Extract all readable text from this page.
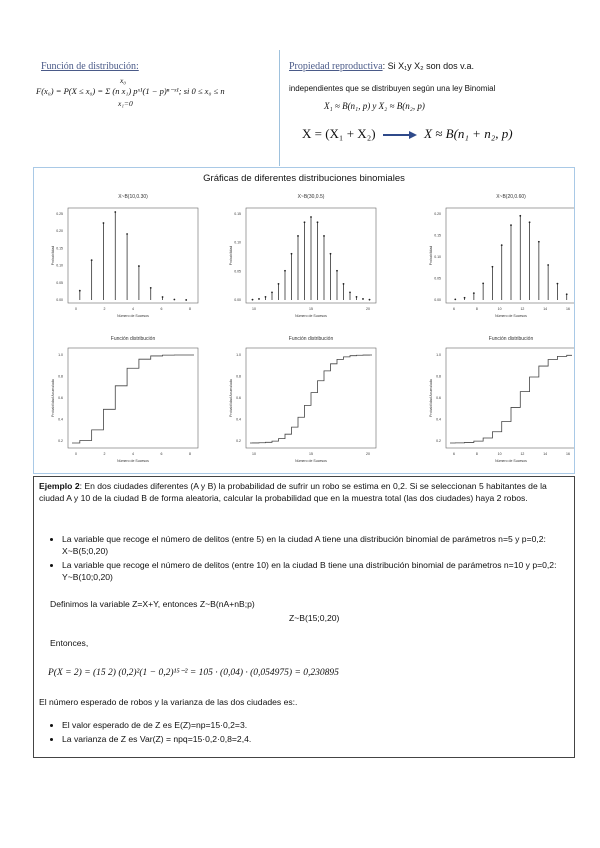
Función de distribución:
F(x₀) = P(X ≤ x₀) = Σ (n x₁) pˣ¹(1 − p)ⁿ⁻ˣ¹; si 0 ≤ x₀ ≤ n
x₀
x₁=0
Propiedad reproductiva: Si X₁y X₂ son dos v.a.
independientes que se distribuyen según una ley Binomial
X₁ ≈ B(n₁, p) y X₂ ≈ B(n₂, p)
X = (X₁ + X₂)	X ≈ B(n₁ + n₂, p)
Gráficas de diferentes distribuciones binomiales
X~B(10,0.30)
0.25
0.20
0.15
0.10
0.05
0.00
0	2	4	6	8
Número de Sucesos
Probabilidad
Función distribución
1.0
0.8
0.6
0.4
0.2
0	2	4	6	8
Número de Sucesos
Probabilidad Acumulada
X~B(30,0.5)
0.15
0.10
0.05
0.00
10	15	20
Número de Sucesos
Probabilidad
Función distribución
1.0
0.8
0.6
0.4
0.2
10	15	20
Número de Sucesos
Probabilidad Acumulada
X~B(20,0.60)
0.20
0.15
0.10
0.05
0.00
6	8	10	12	14	16
Número de Sucesos
Probabilidad
Función distribución
1.0
0.8
0.6
0.4
0.2
6	8	10	12	14	16
Número de Sucesos
Probabilidad Acumulada
Ejemplo 2: En dos ciudades diferentes (A y B) la probabilidad de sufrir un robo se estima en 0,2. Si se seleccionan 5 habitantes de la ciudad A y 10 de la ciudad B de forma aleatoria, calcular la probabilidad que en la muestra total (las dos ciudades) haya 2 robos.
• La variable que recoge el número de delitos (entre 5) en la ciudad A tiene una distribución binomial de parámetros n=5 y p=0,2: X~B(5;0,20)
• La variable que recoge el número de delitos (entre 10) en la ciudad B tiene una distribución binomial de parámetros n=10 y p=0,2: Y~B(10;0,20)
Definimos la variable Z=X+Y, entonces Z~B(nA+nB;p)
Z~B(15;0,20)
Entonces,
P(X = 2) = (15 2) (0,2)²(1 − 0,2)¹⁵⁻² = 105 · (0,04) · (0,054975) = 0,230895
El número esperado de robos y la varianza de las dos ciudades es:.
• El valor esperado de de Z es E(Z)=np=15·0,2=3.
• La varianza de Z es Var(Z) = npq=15·0,2·0,8=2,4.
